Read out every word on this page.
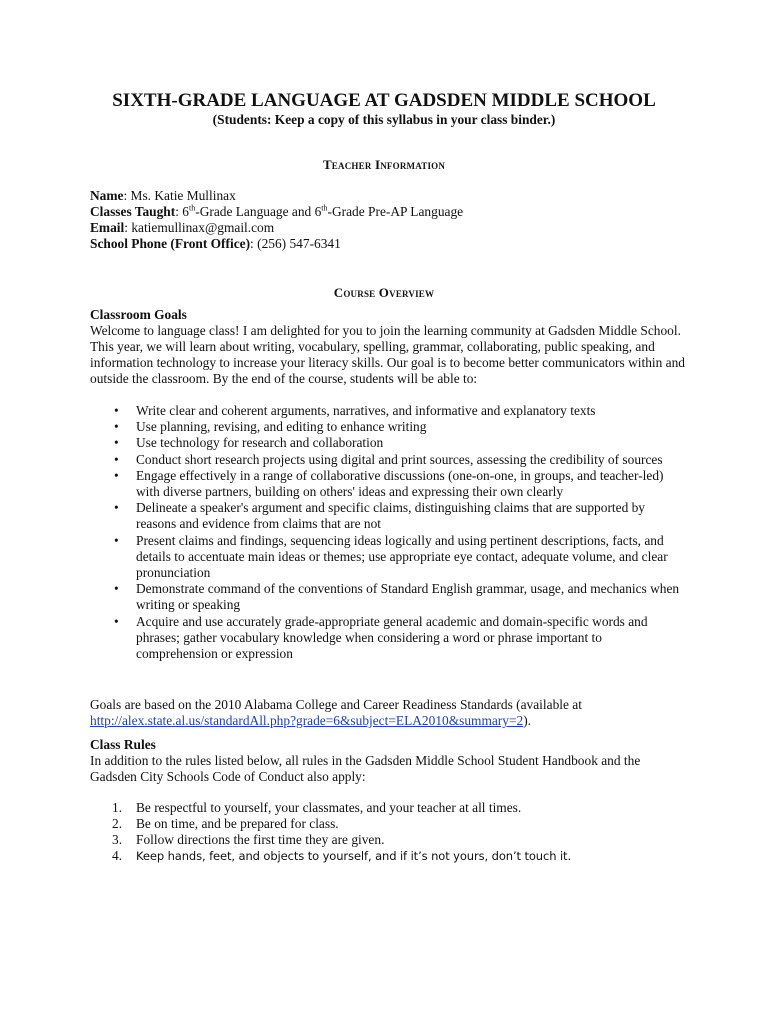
SIXTH-GRADE LANGUAGE AT GADSDEN MIDDLE SCHOOL
(Students: Keep a copy of this syllabus in your class binder.)
Teacher Information

Name: Ms. Katie Mullinax

Classes Taught: 6th-Grade Language and 6th-Grade Pre-AP Language

Email: katiemullinax@gmail.com

School Phone (Front Office): (256) 547-6341

Course Overview

Classroom Goals

Welcome to language class! I am delighted for you to join the learning community at Gadsden Middle School. This year, we will learn about writing, vocabulary, spelling, grammar, collaborating, public speaking, and information technology to increase your literacy skills. Our goal is to become better communicators within and outside the classroom. By the end of the course, students will be able to:

• Write clear and coherent arguments, narratives, and informative and explanatory texts
• Use planning, revising, and editing to enhance writing
• Use technology for research and collaboration
• Conduct short research projects using digital and print sources, assessing the credibility of sources
• Engage effectively in a range of collaborative discussions (one-on-one, in groups, and teacher-led) with diverse partners, building on others' ideas and expressing their own clearly
• Delineate a speaker's argument and specific claims, distinguishing claims that are supported by reasons and evidence from claims that are not
• Present claims and findings, sequencing ideas logically and using pertinent descriptions, facts, and details to accentuate main ideas or themes; use appropriate eye contact, adequate volume, and clear pronunciation
• Demonstrate command of the conventions of Standard English grammar, usage, and mechanics when writing or speaking
• Acquire and use accurately grade-appropriate general academic and domain-specific words and phrases; gather vocabulary knowledge when considering a word or phrase important to comprehension or expression

Goals are based on the 2010 Alabama College and Career Readiness Standards (available at
http://alex.state.al.us/standardAll.php?grade=6&subject=ELA2010&summary=2).

Class Rules

In addition to the rules listed below, all rules in the Gadsden Middle School Student Handbook and the Gadsden City Schools Code of Conduct also apply:

1. Be respectful to yourself, your classmates, and your teacher at all times.
2. Be on time, and be prepared for class.
3. Follow directions the first time they are given.
4. Keep hands, feet, and objects to yourself, and if it’s not yours, don’t touch it.
